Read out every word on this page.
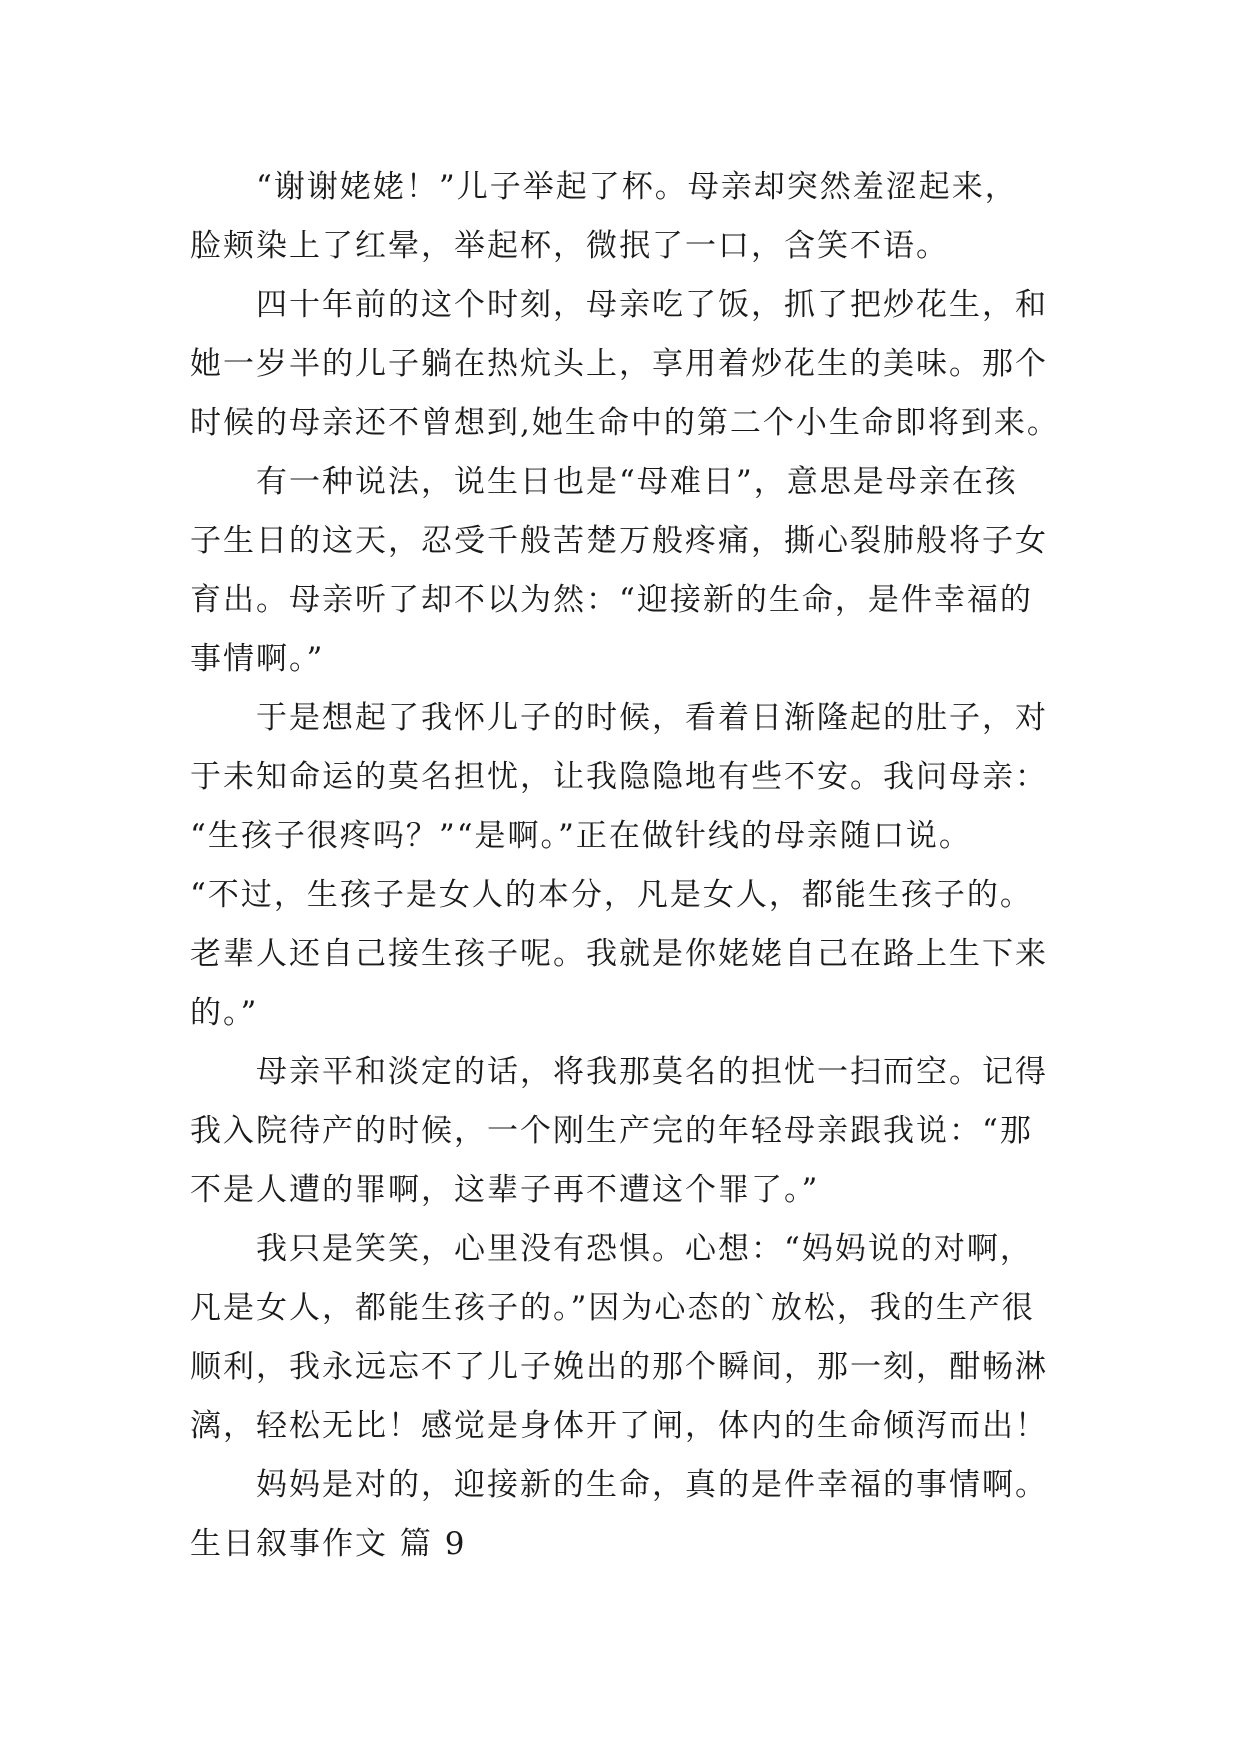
“谢谢姥姥！”儿子举起了杯。母亲却突然羞涩起来，
脸颊染上了红晕，举起杯，微抿了一口，含笑不语。
四十年前的这个时刻，母亲吃了饭，抓了把炒花生，和
她一岁半的儿子躺在热炕头上，享用着炒花生的美味。那个
时候的母亲还不曾想到,她生命中的第二个小生命即将到来。
有一种说法，说生日也是“母难日”，意思是母亲在孩
子生日的这天，忍受千般苦楚万般疼痛，撕心裂肺般将子女
育出。母亲听了却不以为然：“迎接新的生命，是件幸福的
事情啊。”
于是想起了我怀儿子的时候，看着日渐隆起的肚子，对
于未知命运的莫名担忧，让我隐隐地有些不安。我问母亲：
“生孩子很疼吗？”“是啊。”正在做针线的母亲随口说。
“不过，生孩子是女人的本分，凡是女人，都能生孩子的。
老辈人还自己接生孩子呢。我就是你姥姥自己在路上生下来
的。”
母亲平和淡定的话，将我那莫名的担忧一扫而空。记得
我入院待产的时候，一个刚生产完的年轻母亲跟我说：“那
不是人遭的罪啊，这辈子再不遭这个罪了。”
我只是笑笑，心里没有恐惧。心想：“妈妈说的对啊，
凡是女人，都能生孩子的。”因为心态的`放松，我的生产很
顺利，我永远忘不了儿子娩出的那个瞬间，那一刻，酣畅淋
漓，轻松无比！感觉是身体开了闸，体内的生命倾泻而出！
妈妈是对的，迎接新的生命，真的是件幸福的事情啊。
生日叙事作文 篇 9
